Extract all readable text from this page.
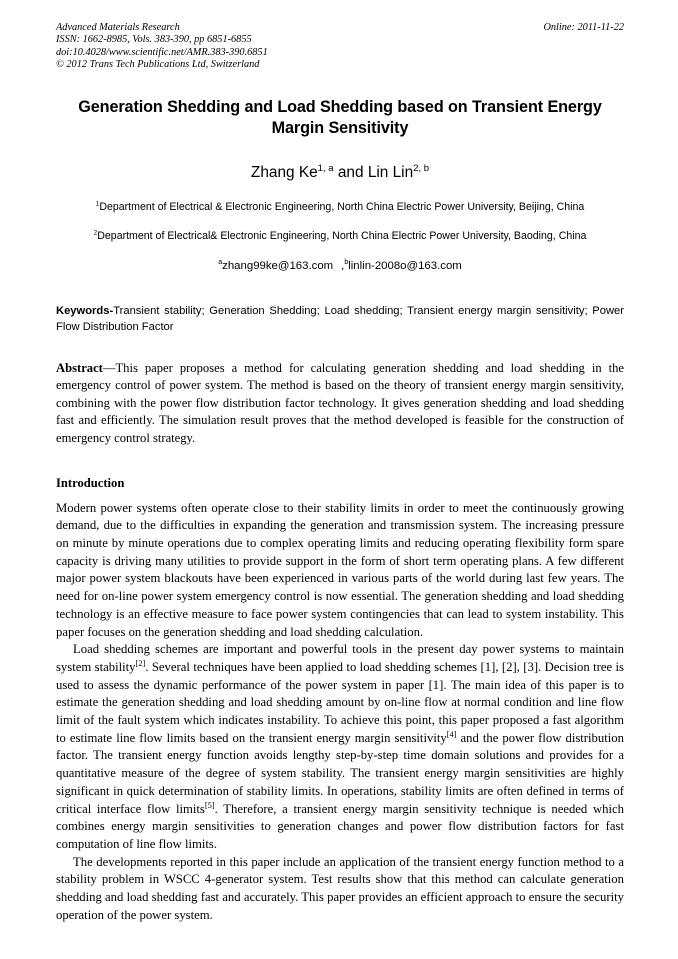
Advanced Materials Research
ISSN: 1662-8985, Vols. 383-390, pp 6851-6855
doi:10.4028/www.scientific.net/AMR.383-390.6851
© 2012 Trans Tech Publications Ltd, Switzerland
Online: 2011-11-22
Generation Shedding and Load Shedding based on Transient Energy Margin Sensitivity
Zhang Ke$^{1, a}$ and Lin Lin$^{2, b}$
$^1$Department of Electrical & Electronic Engineering, North China Electric Power University, Beijing, China
$^2$Department of Electrical& Electronic Engineering, North China Electric Power University, Baoding, China
$^a$zhang99ke@163.com ,$^b$linlin-2008o@163.com
Keywords-Transient stability; Generation Shedding; Load shedding; Transient energy margin sensitivity; Power Flow Distribution Factor
Abstract—This paper proposes a method for calculating generation shedding and load shedding in the emergency control of power system. The method is based on the theory of transient energy margin sensitivity, combining with the power flow distribution factor technology. It gives generation shedding and load shedding fast and efficiently. The simulation result proves that the method developed is feasible for the construction of emergency control strategy.
Introduction

Modern power systems often operate close to their stability limits in order to meet the continuously growing demand, due to the difficulties in expanding the generation and transmission system. The increasing pressure on minute by minute operations due to complex operating limits and reducing operating flexibility form spare capacity is driving many utilities to provide support in the form of short term operating plans. A few different major power system blackouts have been experienced in various parts of the world during last few years. The need for on-line power system emergency control is now essential. The generation shedding and load shedding technology is an effective measure to face power system contingencies that can lead to system instability. This paper focuses on the generation shedding and load shedding calculation.

Load shedding schemes are important and powerful tools in the present day power systems to maintain system stability[2]. Several techniques have been applied to load shedding schemes [1], [2], [3]. Decision tree is used to assess the dynamic performance of the power system in paper [1]. The main idea of this paper is to estimate the generation shedding and load shedding amount by on-line flow at normal condition and line flow limit of the fault system which indicates instability. To achieve this point, this paper proposed a fast algorithm to estimate line flow limits based on the transient energy margin sensitivity[4] and the power flow distribution factor. The transient energy function avoids lengthy step-by-step time domain solutions and provides for a quantitative measure of the degree of system stability. The transient energy margin sensitivities are highly significant in quick determination of stability limits. In operations, stability limits are often defined in terms of critical interface flow limits[5]. Therefore, a transient energy margin sensitivity technique is needed which combines energy margin sensitivities to generation changes and power flow distribution factors for fast computation of line flow limits.

The developments reported in this paper include an application of the transient energy function method to a stability problem in WSCC 4-generator system. Test results show that this method can calculate generation shedding and load shedding fast and accurately. This paper provides an efficient approach to ensure the security operation of the power system.
